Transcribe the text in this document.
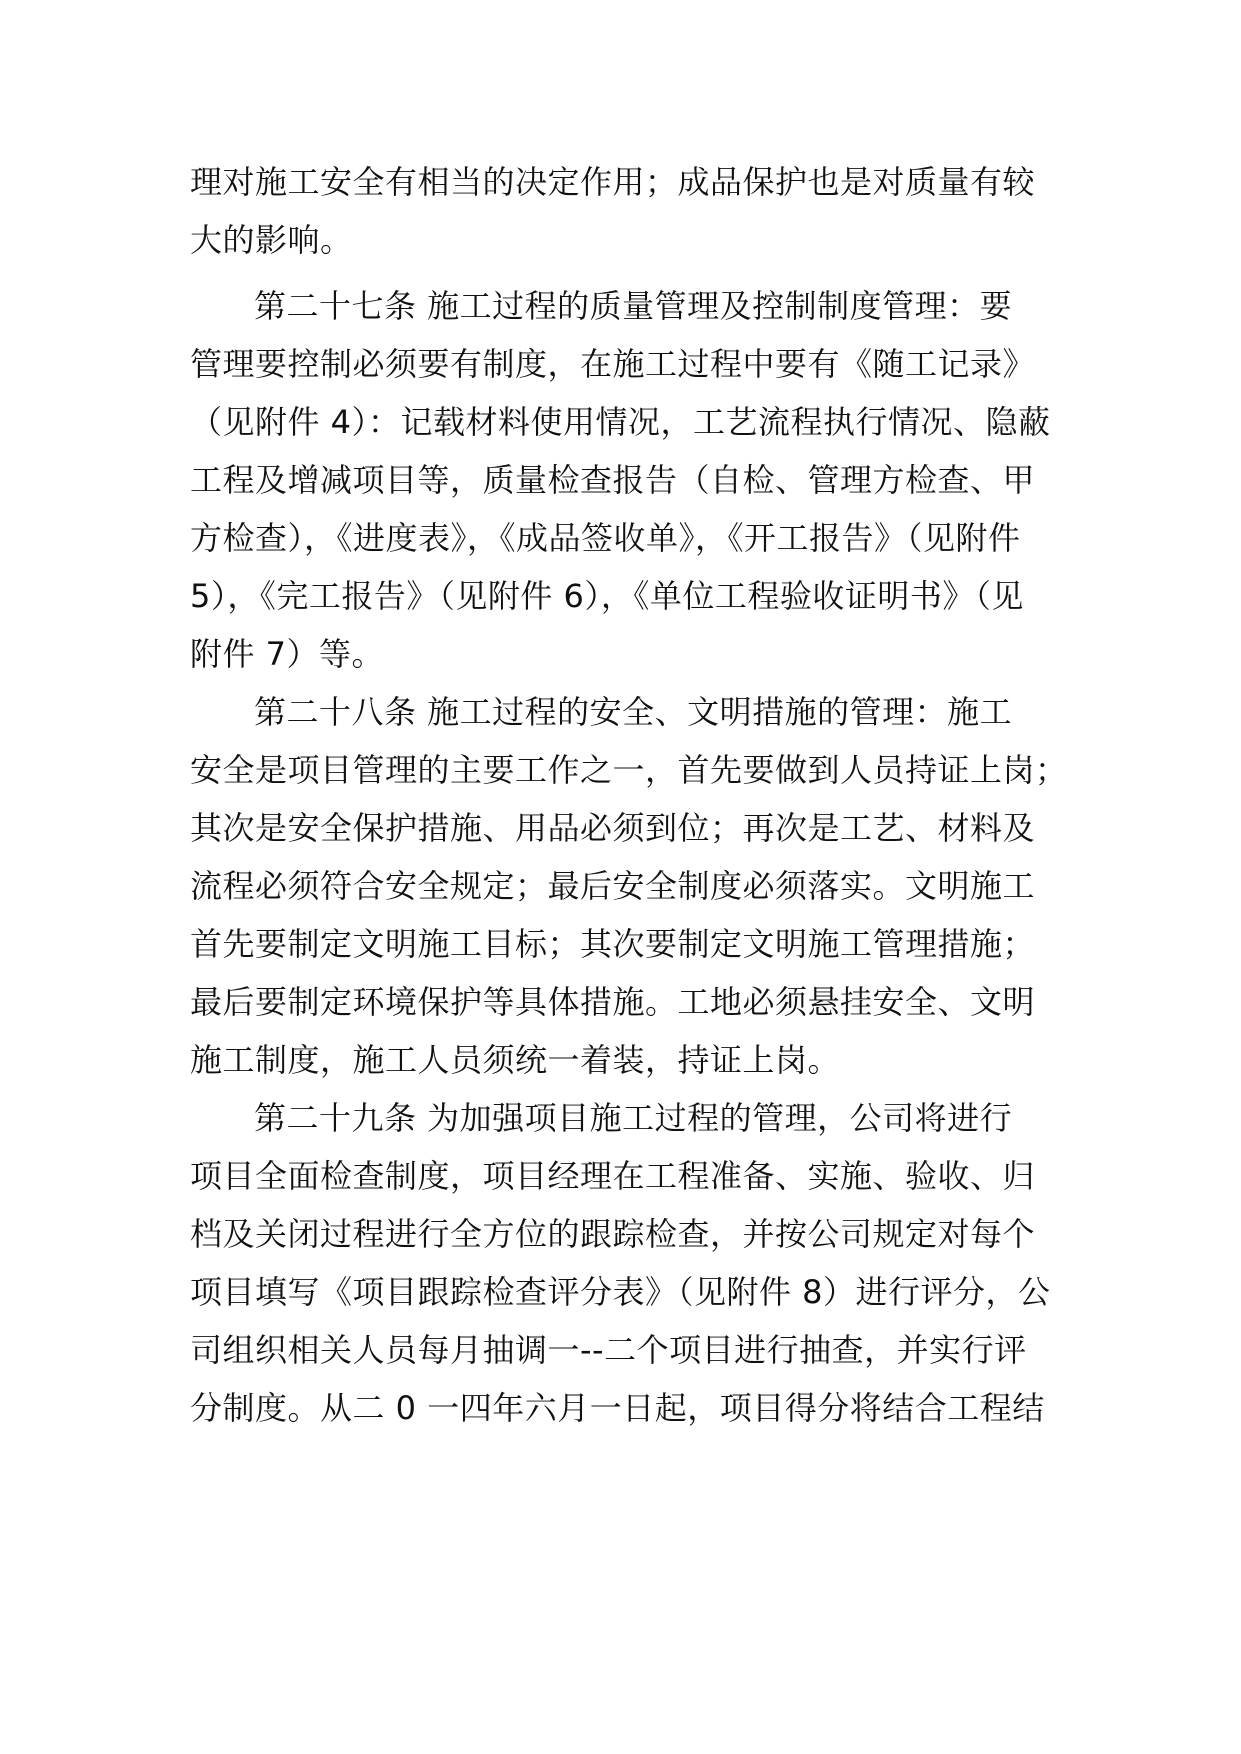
理对施工安全有相当的决定作用；成品保护也是对质量有较
大的影响。
第二十七条 施工过程的质量管理及控制制度管理：要
管理要控制必须要有制度，在施工过程中要有《随工记录》
（见附件 4）：记载材料使用情况，工艺流程执行情况、隐蔽
工程及增减项目等，质量检查报告（自检、管理方检查、甲
方检查），《进度表》，《成品签收单》，《开工报告》（见附件
5），《完工报告》（见附件 6），《单位工程验收证明书》（见
附件 7）等。
第二十八条 施工过程的安全、文明措施的管理：施工
安全是项目管理的主要工作之一，首先要做到人员持证上岗；
其次是安全保护措施、用品必须到位；再次是工艺、材料及
流程必须符合安全规定；最后安全制度必须落实。文明施工
首先要制定文明施工目标；其次要制定文明施工管理措施；
最后要制定环境保护等具体措施。工地必须悬挂安全、文明
施工制度，施工人员须统一着装，持证上岗。
第二十九条 为加强项目施工过程的管理，公司将进行
项目全面检查制度，项目经理在工程准备、实施、验收、归
档及关闭过程进行全方位的跟踪检查，并按公司规定对每个
项目填写《项目跟踪检查评分表》（见附件 8）进行评分，公
司组织相关人员每月抽调一--二个项目进行抽查，并实行评
分制度。从二 0 一四年六月一日起，项目得分将结合工程结
